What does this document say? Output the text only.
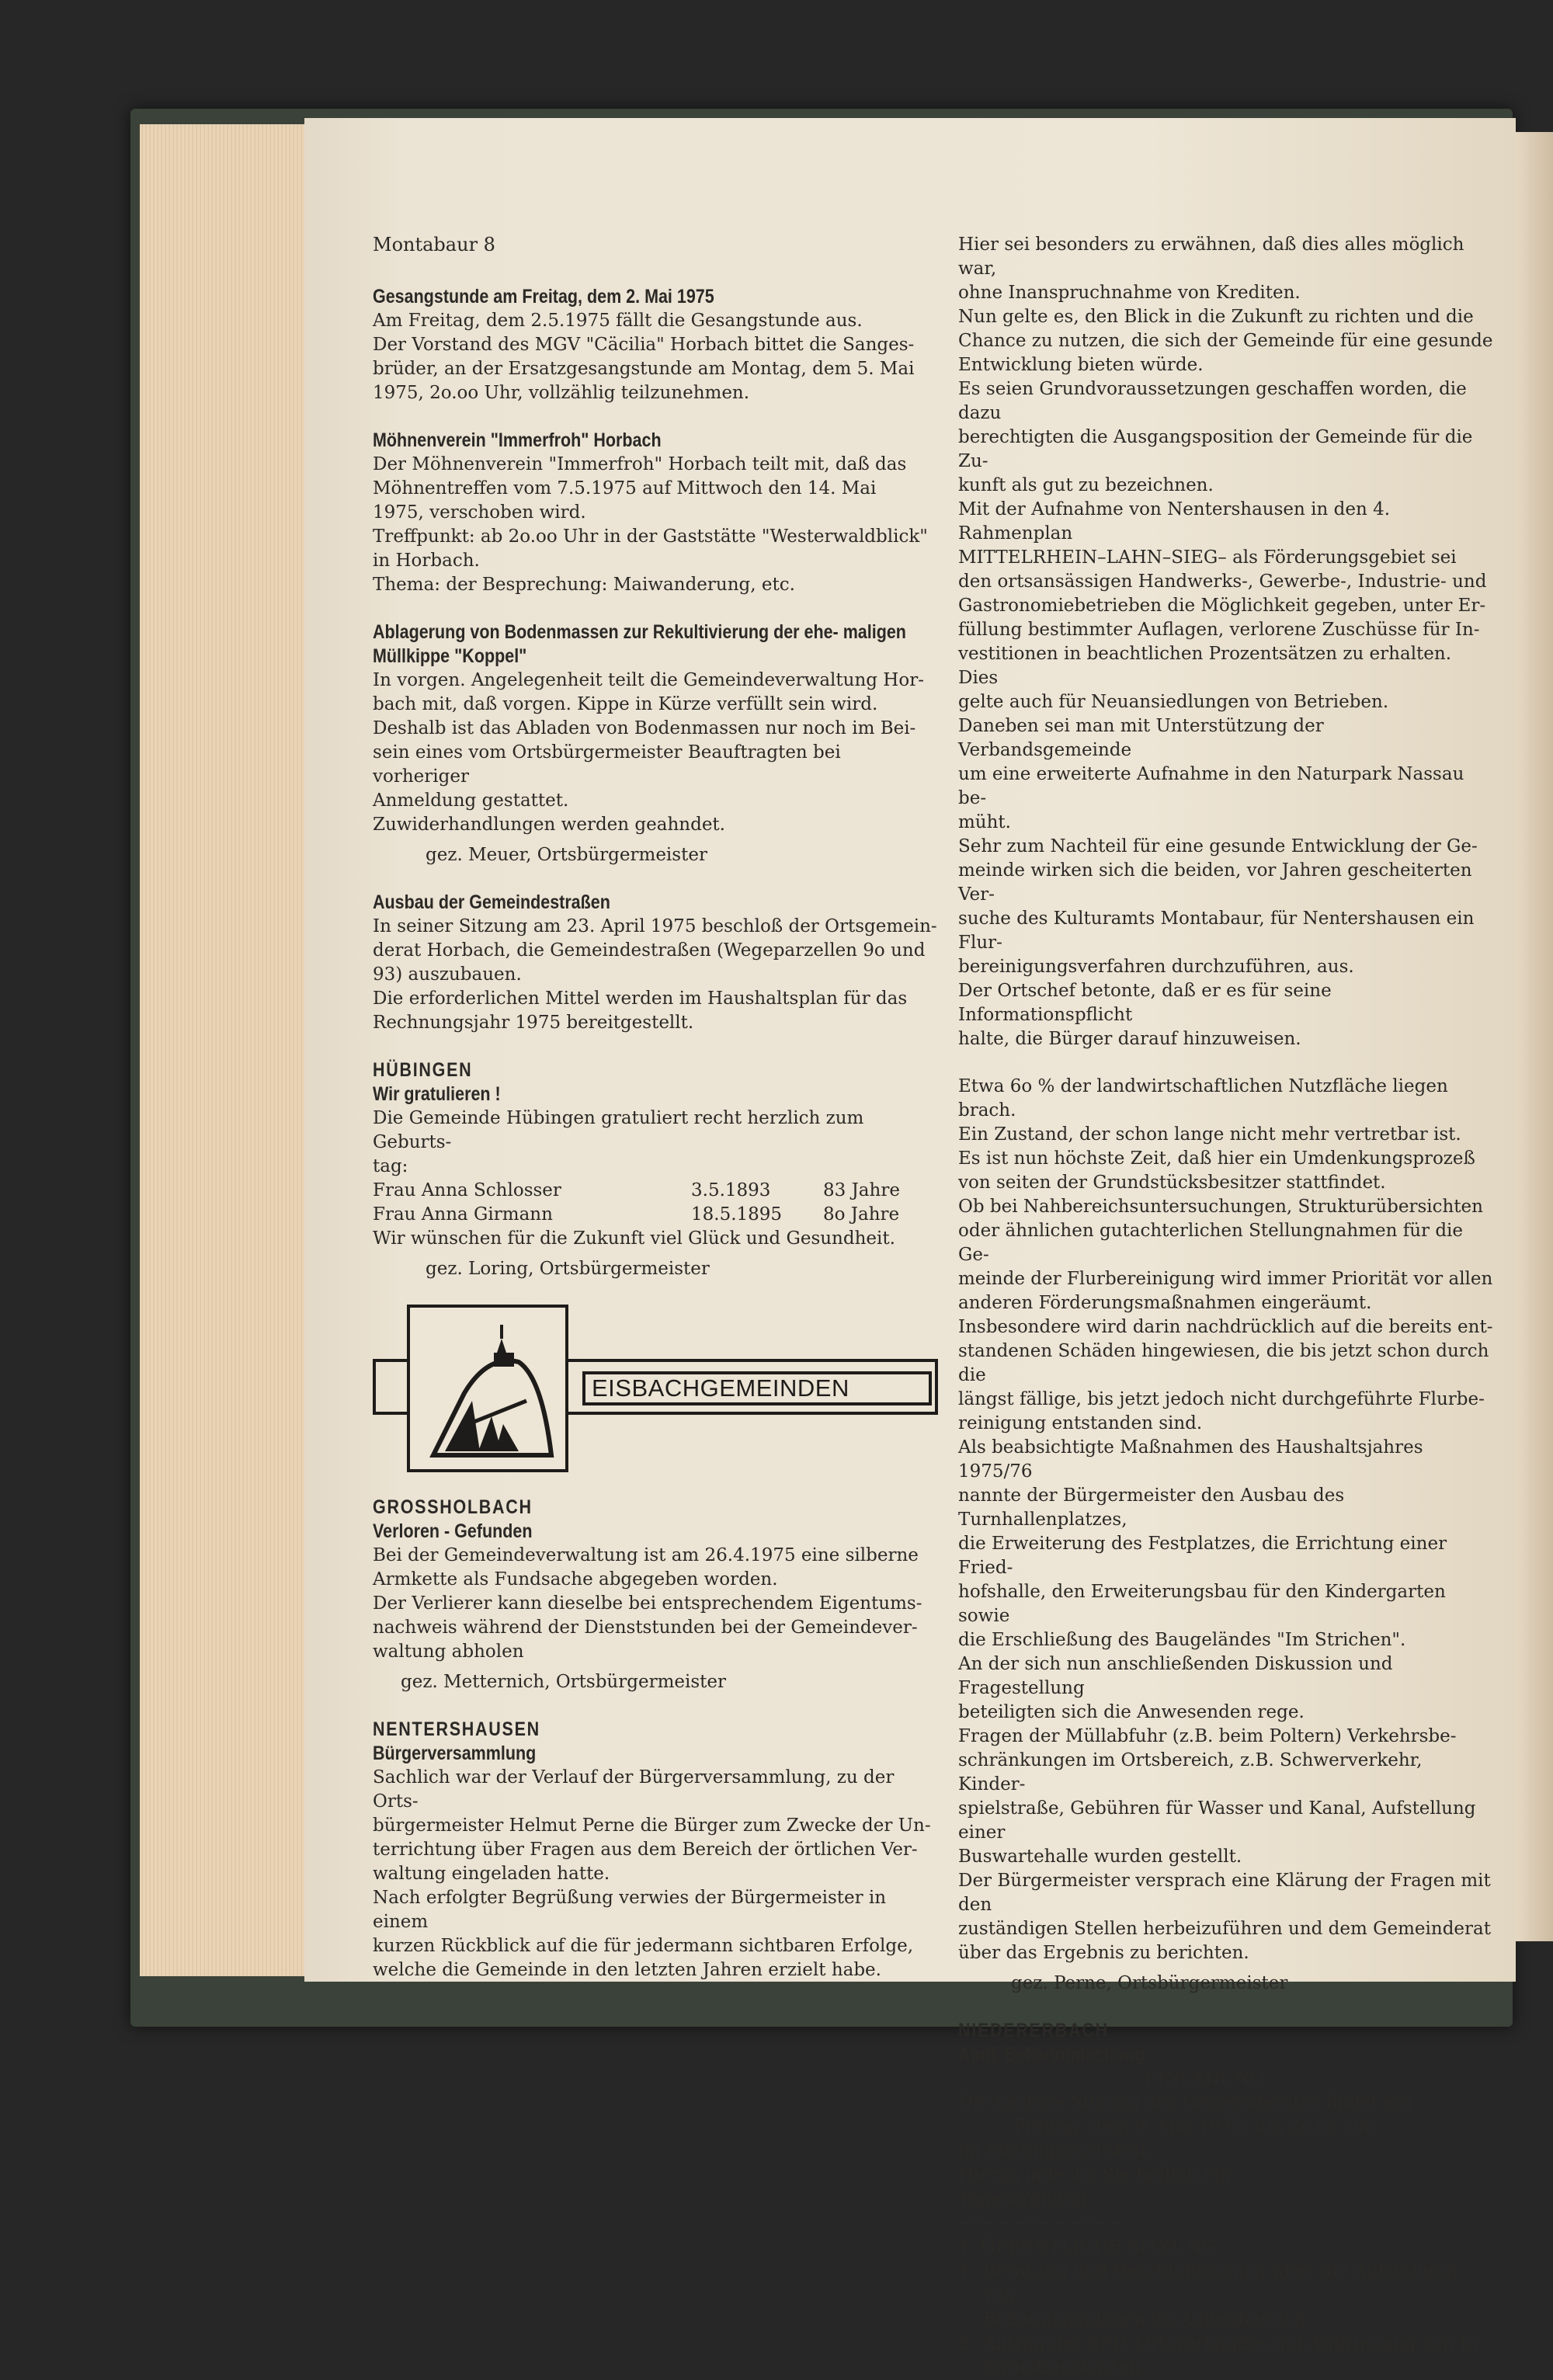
Montabaur 8

Gesangstunde am Freitag, dem 2. Mai 1975

Am Freitag, dem 2.5.1975 fällt die Gesangstunde aus.

Der Vorstand des MGV "Cäcilia" Horbach bittet die Sanges-

brüder, an der Ersatzgesangstunde am Montag, dem 5. Mai

1975, 2o.oo Uhr, vollzählig teilzunehmen.

Möhnenverein "Immerfroh" Horbach

Der Möhnenverein "Immerfroh" Horbach teilt mit, daß das

Möhnentreffen vom 7.5.1975 auf Mittwoch den 14. Mai

1975, verschoben wird.

Treffpunkt: ab 2o.oo Uhr in der Gaststätte "Westerwaldblick"

in Horbach.

Thema: der Besprechung: Maiwanderung, etc.

Ablagerung von Bodenmassen zur Rekultivierung der ehe- maligen Müllkippe "Koppel"

In vorgen. Angelegenheit teilt die Gemeindeverwaltung Hor-

bach mit, daß vorgen. Kippe in Kürze verfüllt sein wird.

Deshalb ist das Abladen von Bodenmassen nur noch im Bei-

sein eines vom Ortsbürgermeister Beauftragten bei vorheriger

Anmeldung gestattet.

Zuwiderhandlungen werden geahndet.

gez. Meuer, Ortsbürgermeister

Ausbau der Gemeindestraßen

In seiner Sitzung am 23. April 1975 beschloß der Ortsgemein-

derat Horbach, die Gemeindestraßen (Wegeparzellen 9o und

93) auszubauen.

Die erforderlichen Mittel werden im Haushaltsplan für das

Rechnungsjahr 1975 bereitgestellt.

HÜBINGEN

Wir gratulieren !

Die Gemeinde Hübingen gratuliert recht herzlich zum Geburts-

tag:

Frau Anna Schlosser	3.5.1893	83 Jahre
Frau Anna Girmann	18.5.1895	8o Jahre

Wir wünschen für die Zukunft viel Glück und Gesundheit.

gez. Loring, Ortsbürgermeister

EISBACHGEMEINDEN

GROSSHOLBACH

Verloren - Gefunden

Bei der Gemeindeverwaltung ist am 26.4.1975 eine silberne

Armkette als Fundsache abgegeben worden.

Der Verlierer kann dieselbe bei entsprechendem Eigentums-

nachweis während der Dienststunden bei der Gemeindever-

waltung abholen

gez. Metternich, Ortsbürgermeister

NENTERSHAUSEN

Bürgerversammlung

Sachlich war der Verlauf der Bürgerversammlung, zu der Orts-

bürgermeister Helmut Perne die Bürger zum Zwecke der Un-

terrichtung über Fragen aus dem Bereich der örtlichen Ver-

waltung eingeladen hatte.

Nach erfolgter Begrüßung verwies der Bürgermeister in einem

kurzen Rückblick auf die für jedermann sichtbaren Erfolge,

welche die Gemeinde in den letzten Jahren erzielt habe.

Hier sei besonders zu erwähnen, daß dies alles möglich war,

ohne Inanspruchnahme von Krediten.

Nun gelte es, den Blick in die Zukunft zu richten und die

Chance zu nutzen, die sich der Gemeinde für eine gesunde

Entwicklung bieten würde.

Es seien Grundvoraussetzungen geschaffen worden, die dazu

berechtigten die Ausgangsposition der Gemeinde für die Zu-

kunft als gut zu bezeichnen.

Mit der Aufnahme von Nentershausen in den 4. Rahmenplan

MITTELRHEIN–LAHN–SIEG– als Förderungsgebiet sei

den ortsansässigen Handwerks-, Gewerbe-, Industrie- und

Gastronomiebetrieben die Möglichkeit gegeben, unter Er-

füllung bestimmter Auflagen, verlorene Zuschüsse für In-

vestitionen in beachtlichen Prozentsätzen zu erhalten. Dies

gelte auch für Neuansiedlungen von Betrieben.

Daneben sei man mit Unterstützung der Verbandsgemeinde

um eine erweiterte Aufnahme in den Naturpark Nassau be-

müht.

Sehr zum Nachteil für eine gesunde Entwicklung der Ge-

meinde wirken sich die beiden, vor Jahren gescheiterten Ver-

suche des Kulturamts Montabaur, für Nentershausen ein Flur-

bereinigungsverfahren durchzuführen, aus.

Der Ortschef betonte, daß er es für seine Informationspflicht

halte, die Bürger darauf hinzuweisen.

Etwa 6o % der landwirtschaftlichen Nutzfläche liegen brach.

Ein Zustand, der schon lange nicht mehr vertretbar ist.

Es ist nun höchste Zeit, daß hier ein Umdenkungsprozeß

von seiten der Grundstücksbesitzer stattfindet.

Ob bei Nahbereichsuntersuchungen, Strukturübersichten

oder ähnlichen gutachterlichen Stellungnahmen für die Ge-

meinde der Flurbereinigung wird immer Priorität vor allen

anderen Förderungsmaßnahmen eingeräumt.

Insbesondere wird darin nachdrücklich auf die bereits ent-

standenen Schäden hingewiesen, die bis jetzt schon durch die

längst fällige, bis jetzt jedoch nicht durchgeführte Flurbe-

reinigung entstanden sind.

Als beabsichtigte Maßnahmen des Haushaltsjahres 1975/76

nannte der Bürgermeister den Ausbau des Turnhallenplatzes,

die Erweiterung des Festplatzes, die Errichtung einer Fried-

hofshalle, den Erweiterungsbau für den Kindergarten sowie

die Erschließung des Baugeländes "Im Strichen".

An der sich nun anschließenden Diskussion und Fragestellung

beteiligten sich die Anwesenden rege.

Fragen der Müllabfuhr (z.B. beim Poltern) Verkehrsbe-

schränkungen im Ortsbereich, z.B. Schwerverkehr, Kinder-

spielstraße, Gebühren für Wasser und Kanal, Aufstellung einer

Buswartehalle wurden gestellt.

Der Bürgermeister versprach eine Klärung der Fragen mit den

zuständigen Stellen herbeizuführen und dem Gemeinderat

über das Ergebnis zu berichten.

gez. Perne, Ortsbürgermeister

NIEDERERBACH

Amtl. Bekanntmachung

EINLADUNG

Die nächste Sitzung des Gemeinderates findet am

Freitag, dem 9. Mai 1975, um 2o.oo Uhr

im Sitzungssaal statt.

Hierzu lade ich Sie höflich ein.

Tagesordnung:

—————————

1. ÖFFENTLICHE SITZUNG

1. Beratung und Beschlußfassung über die Aufstellung von

Bebauungsplänen im Außenbereich

2. Antrag des SPD–Ortsverbandes auf Anbringung von In-

formationskästen
